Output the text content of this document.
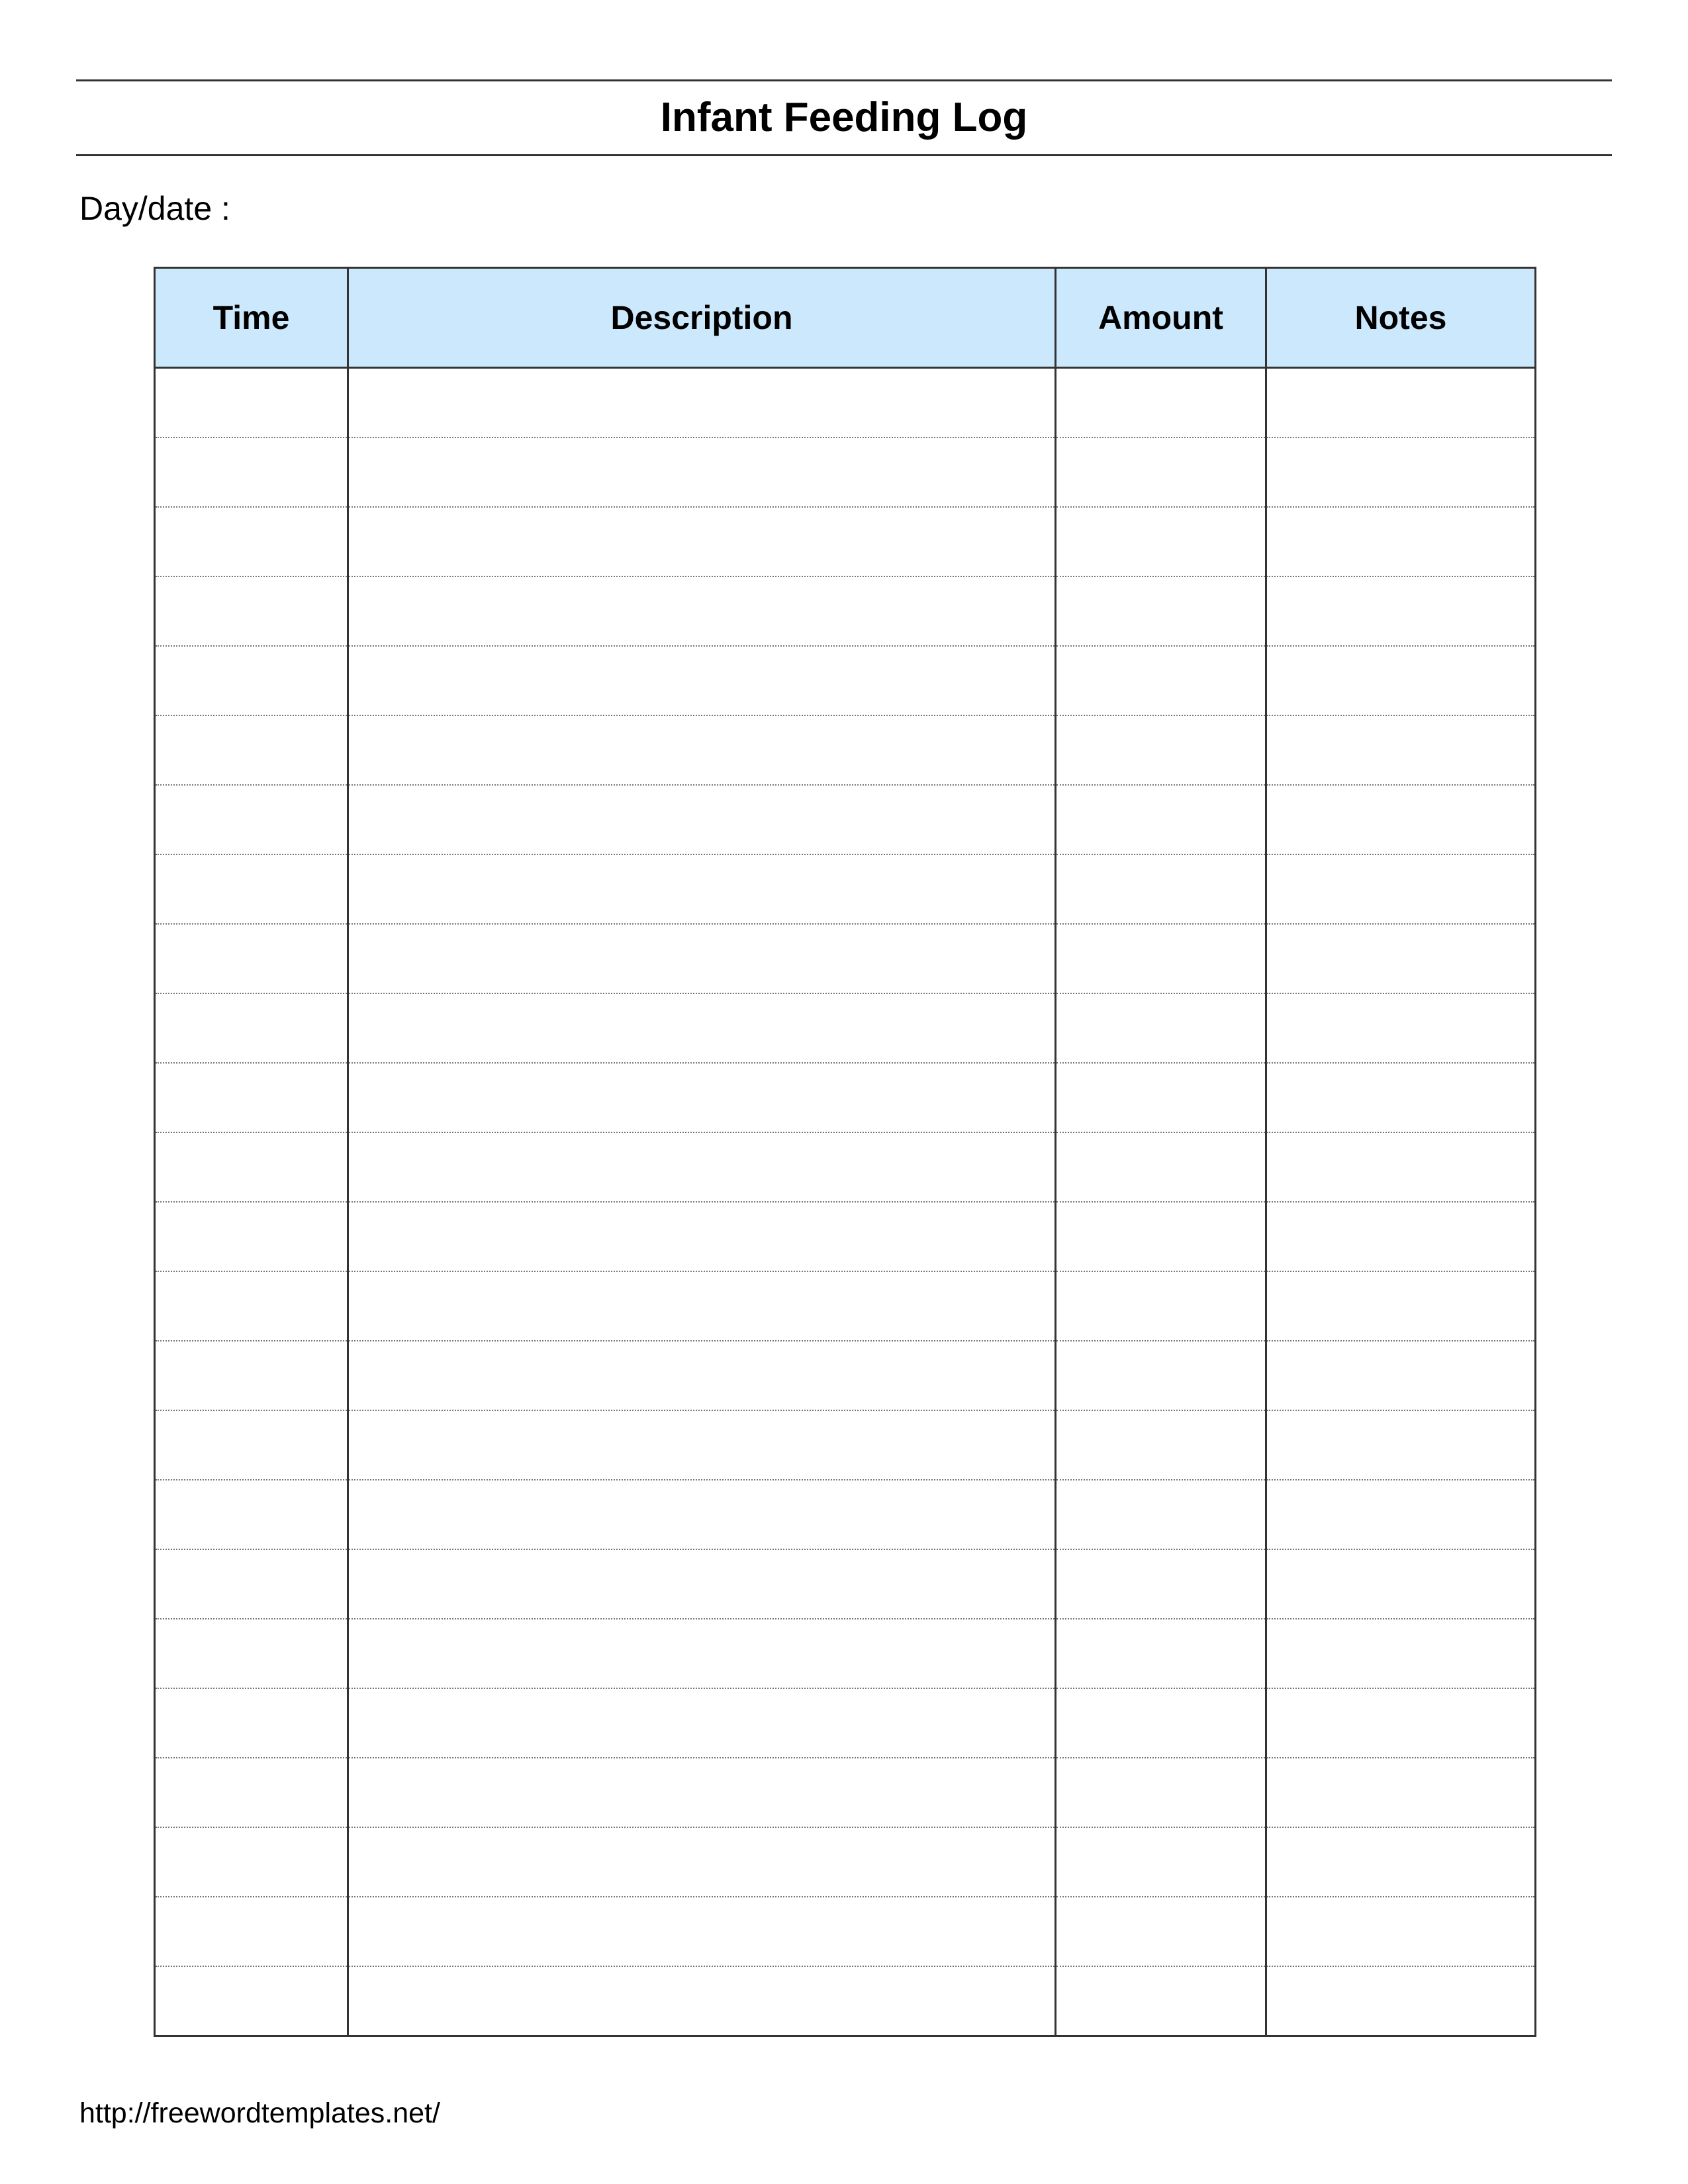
Infant Feeding Log
Day/date :
Time	Description	Amount	Notes

http://freewordtemplates.net/
